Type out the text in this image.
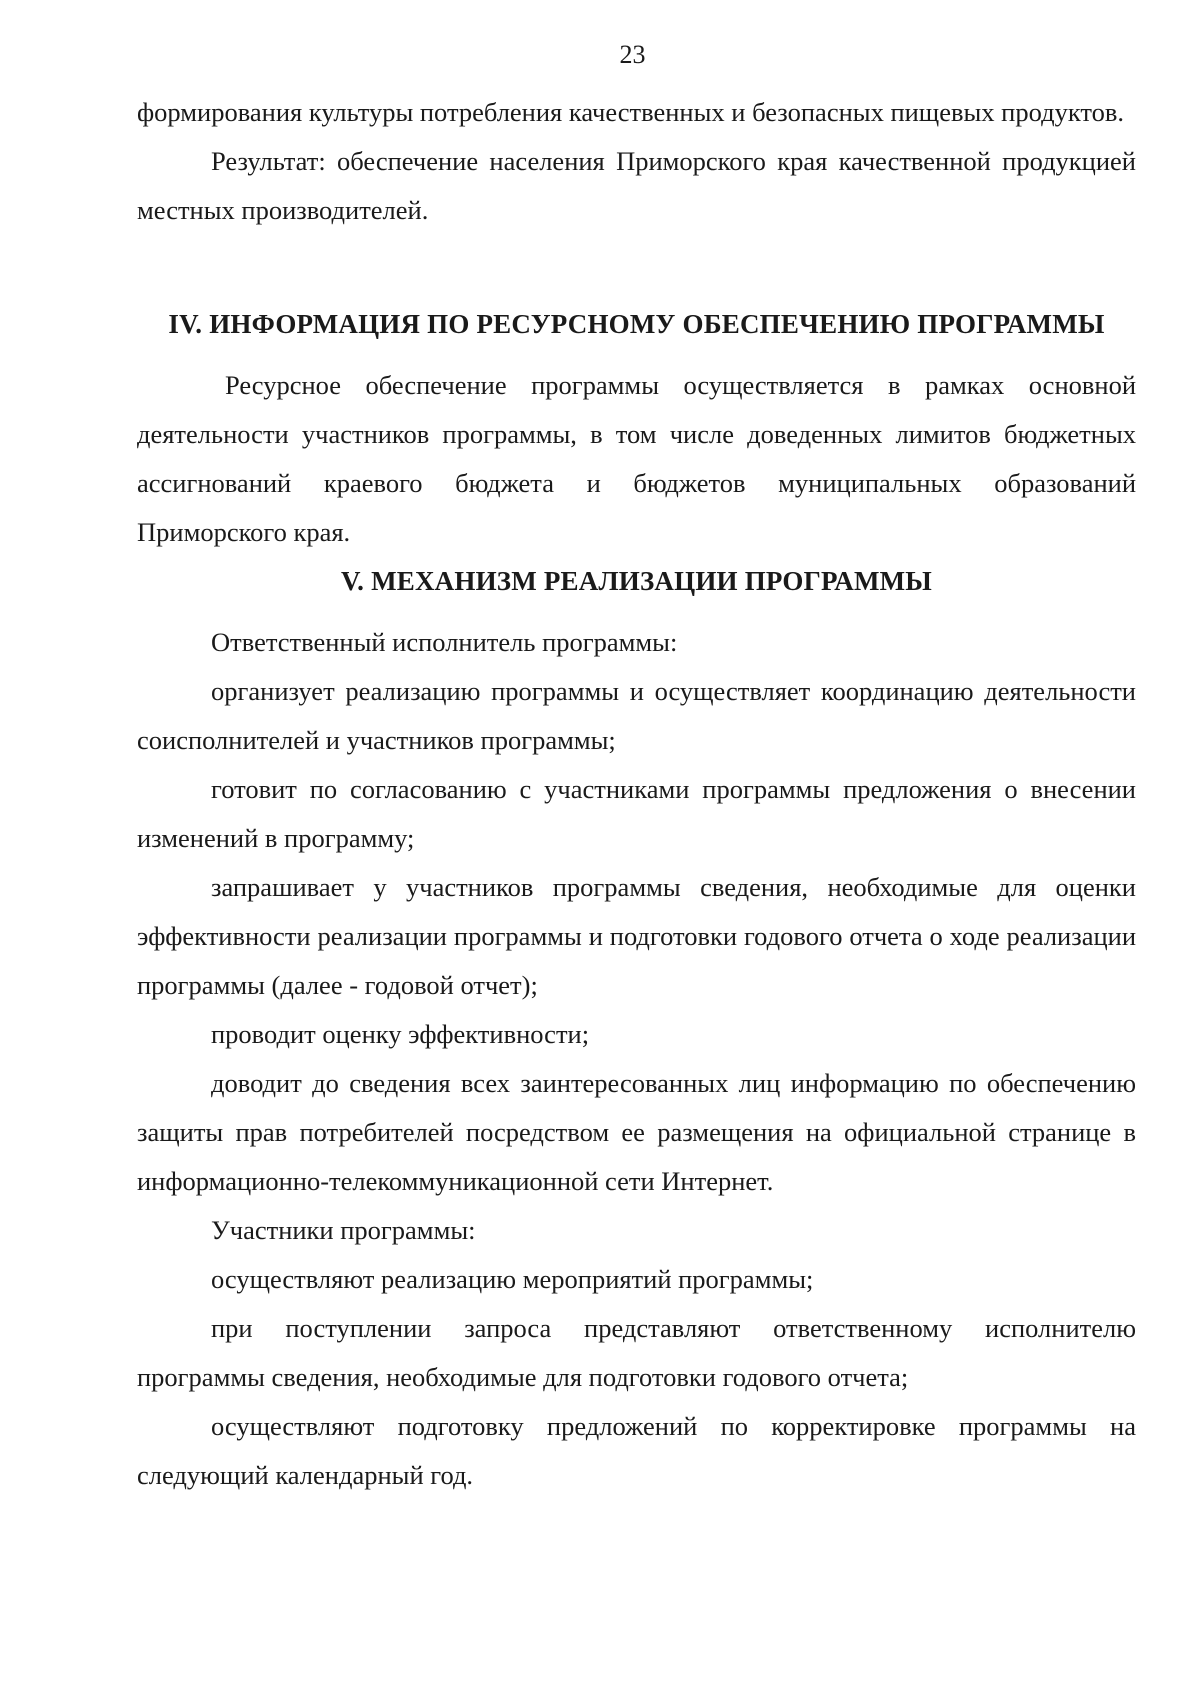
23

формирования культуры потребления качественных и безопасных пищевых продуктов.

Результат: обеспечение населения Приморского края качественной продукцией местных производителей.

IV. ИНФОРМАЦИЯ ПО РЕСУРСНОМУ ОБЕСПЕЧЕНИЮ ПРОГРАММЫ

Ресурсное обеспечение программы осуществляется в рамках основной деятельности участников программы, в том числе доведенных лимитов бюджетных ассигнований краевого бюджета и бюджетов муниципальных образований Приморского края.

V. МЕХАНИЗМ РЕАЛИЗАЦИИ ПРОГРАММЫ

Ответственный исполнитель программы:

организует реализацию программы и осуществляет координацию деятельности соисполнителей и участников программы;

готовит по согласованию с участниками программы предложения о внесении изменений в программу;

запрашивает у участников программы сведения, необходимые для оценки эффективности реализации программы и подготовки годового отчета о ходе реализации программы (далее - годовой отчет);

проводит оценку эффективности;

доводит до сведения всех заинтересованных лиц информацию по обеспечению защиты прав потребителей посредством ее размещения на официальной странице в информационно-телекоммуникационной сети Интернет.

Участники программы:

осуществляют реализацию мероприятий программы;

при поступлении запроса представляют ответственному исполнителю программы сведения, необходимые для подготовки годового отчета;

осуществляют подготовку предложений по корректировке программы на следующий календарный год.
